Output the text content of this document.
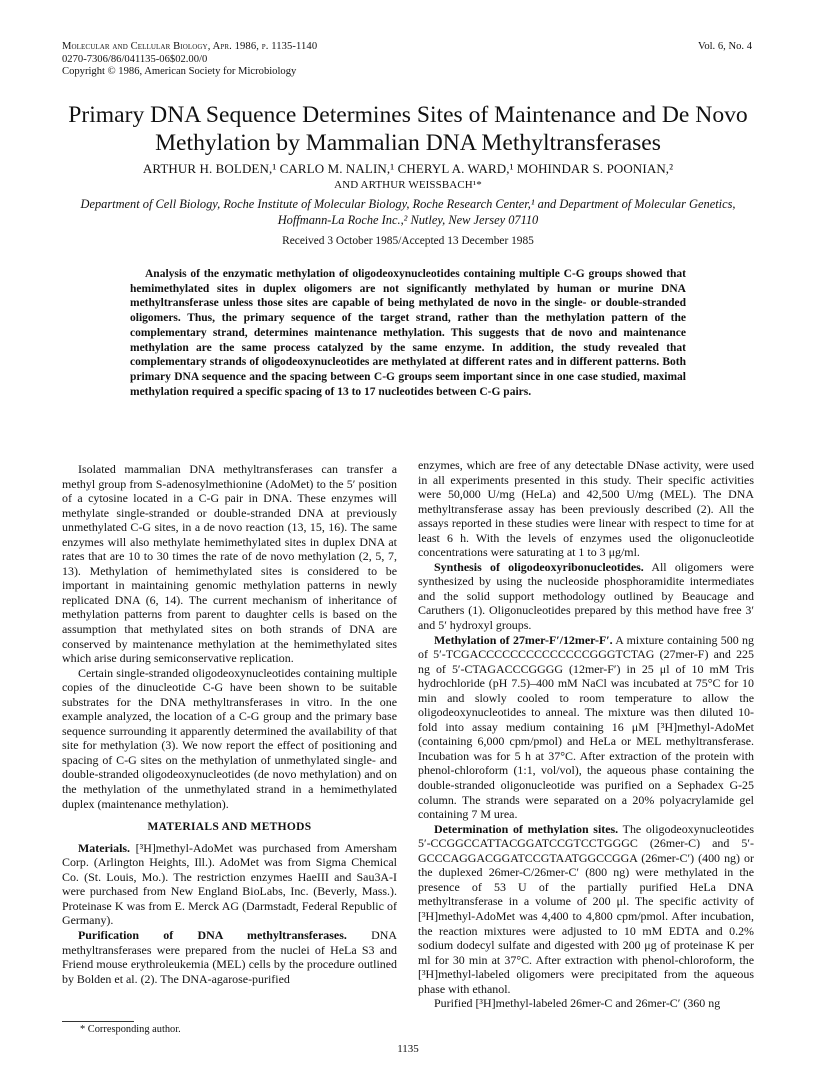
Molecular and Cellular Biology, Apr. 1986, p. 1135-1140
0270-7306/86/041135-06$02.00/0
Copyright © 1986, American Society for Microbiology
Vol. 6, No. 4
Primary DNA Sequence Determines Sites of Maintenance and De Novo Methylation by Mammalian DNA Methyltransferases
ARTHUR H. BOLDEN,¹ CARLO M. NALIN,¹ CHERYL A. WARD,¹ MOHINDAR S. POONIAN,²
AND ARTHUR WEISSBACH¹*
Department of Cell Biology, Roche Institute of Molecular Biology, Roche Research Center,¹ and Department of Molecular Genetics, Hoffmann-La Roche Inc.,² Nutley, New Jersey 07110
Received 3 October 1985/Accepted 13 December 1985

Analysis of the enzymatic methylation of oligodeoxynucleotides containing multiple C-G groups showed that hemimethylated sites in duplex oligomers are not significantly methylated by human or murine DNA methyltransferase unless those sites are capable of being methylated de novo in the single- or double-stranded oligomers. Thus, the primary sequence of the target strand, rather than the methylation pattern of the complementary strand, determines maintenance methylation. This suggests that de novo and maintenance methylation are the same process catalyzed by the same enzyme. In addition, the study revealed that complementary strands of oligodeoxynucleotides are methylated at different rates and in different patterns. Both primary DNA sequence and the spacing between C-G groups seem important since in one case studied, maximal methylation required a specific spacing of 13 to 17 nucleotides between C-G pairs.

Isolated mammalian DNA methyltransferases can transfer a methyl group from S-adenosylmethionine (AdoMet) to the 5′ position of a cytosine located in a C-G pair in DNA. These enzymes will methylate single-stranded or double-stranded DNA at previously unmethylated C-G sites, in a de novo reaction (13, 15, 16). The same enzymes will also methylate hemimethylated sites in duplex DNA at rates that are 10 to 30 times the rate of de novo methylation (2, 5, 7, 13). Methylation of hemimethylated sites is considered to be important in maintaining genomic methylation patterns in newly replicated DNA (6, 14). The current mechanism of inheritance of methylation patterns from parent to daughter cells is based on the assumption that methylated sites on both strands of DNA are conserved by maintenance methylation at the hemimethylated sites which arise during semiconservative replication.

Certain single-stranded oligodeoxynucleotides containing multiple copies of the dinucleotide C-G have been shown to be suitable substrates for the DNA methyltransferases in vitro. In the one example analyzed, the location of a C-G group and the primary base sequence surrounding it apparently determined the availability of that site for methylation (3). We now report the effect of positioning and spacing of C-G sites on the methylation of unmethylated single- and double-stranded oligodeoxynucleotides (de novo methylation) and on the methylation of the unmethylated strand in a hemimethylated duplex (maintenance methylation).

MATERIALS AND METHODS

Materials. [³H]methyl-AdoMet was purchased from Amersham Corp. (Arlington Heights, Ill.). AdoMet was from Sigma Chemical Co. (St. Louis, Mo.). The restriction enzymes HaeIII and Sau3A-I were purchased from New England BioLabs, Inc. (Beverly, Mass.). Proteinase K was from E. Merck AG (Darmstadt, Federal Republic of Germany).

Purification of DNA methyltransferases. DNA methyltransferases were prepared from the nuclei of HeLa S3 and Friend mouse erythroleukemia (MEL) cells by the procedure outlined by Bolden et al. (2). The DNA-agarose-purified

enzymes, which are free of any detectable DNase activity, were used in all experiments presented in this study. Their specific activities were 50,000 U/mg (HeLa) and 42,500 U/mg (MEL). The DNA methyltransferase assay has been previously described (2). All the assays reported in these studies were linear with respect to time for at least 6 h. With the levels of enzymes used the oligonucleotide concentrations were saturating at 1 to 3 μg/ml.

Synthesis of oligodeoxyribonucleotides. All oligomers were synthesized by using the nucleoside phosphoramidite intermediates and the solid support methodology outlined by Beaucage and Caruthers (1). Oligonucleotides prepared by this method have free 3′ and 5′ hydroxyl groups.

Methylation of 27mer-F′/12mer-F′. A mixture containing 500 ng of 5′-TCGACCCCCCCCCCCCCCGGGTCTAG (27mer-F) and 225 ng of 5′-CTAGACCCGGGG (12mer-F′) in 25 μl of 10 mM Tris hydrochloride (pH 7.5)–400 mM NaCl was incubated at 75°C for 10 min and slowly cooled to room temperature to allow the oligodeoxynucleotides to anneal. The mixture was then diluted 10-fold into assay medium containing 16 μM [³H]methyl-AdoMet (containing 6,000 cpm/pmol) and HeLa or MEL methyltransferase. Incubation was for 5 h at 37°C. After extraction of the protein with phenol-chloroform (1:1, vol/vol), the aqueous phase containing the double-stranded oligonucleotide was purified on a Sephadex G-25 column. The strands were separated on a 20% polyacrylamide gel containing 7 M urea.

Determination of methylation sites. The oligodeoxynucleotides 5′-CCGGCCATTACGGATCCGTCCTGGGC (26mer-C) and 5′-GCCCAGGACGGATCCGTAATGGCCGGA (26mer-C′) (400 ng) or the duplexed 26mer-C/26mer-C′ (800 ng) were methylated in the presence of 53 U of the partially purified HeLa DNA methyltransferase in a volume of 200 μl. The specific activity of [³H]methyl-AdoMet was 4,400 to 4,800 cpm/pmol. After incubation, the reaction mixtures were adjusted to 10 mM EDTA and 0.2% sodium dodecyl sulfate and digested with 200 μg of proteinase K per ml for 30 min at 37°C. After extraction with phenol-chloroform, the [³H]methyl-labeled oligomers were precipitated from the aqueous phase with ethanol.

Purified [³H]methyl-labeled 26mer-C and 26mer-C′ (360 ng

* Corresponding author.
1135
